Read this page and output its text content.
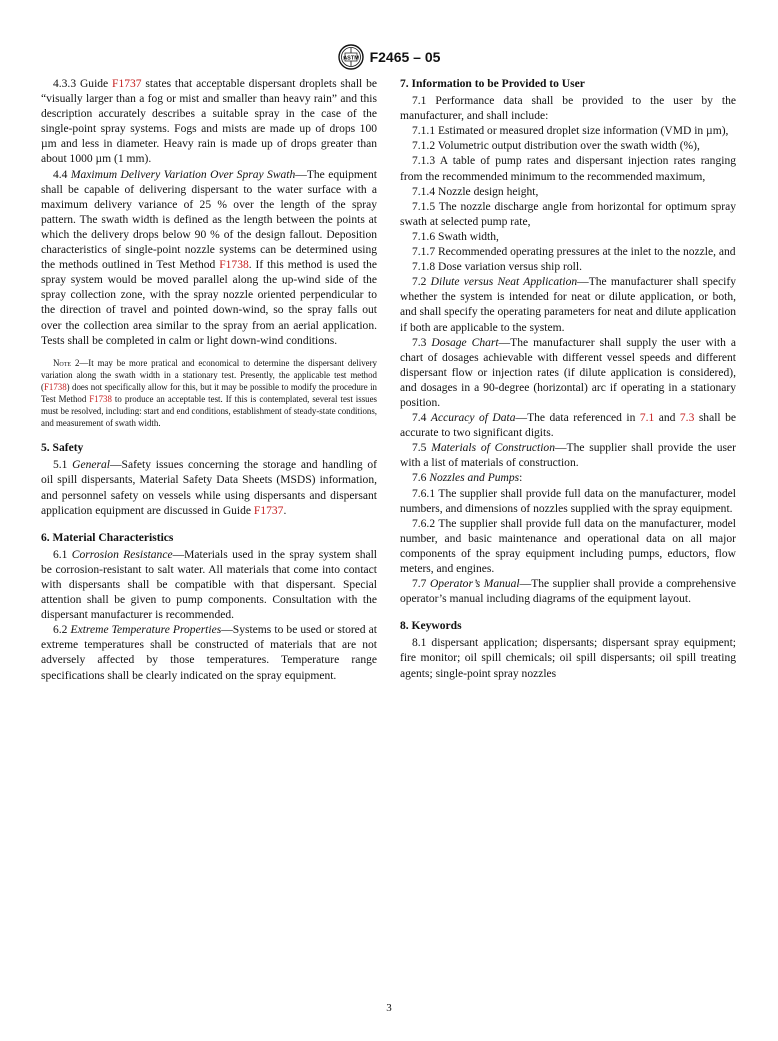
ASTM F2465 – 05

4.3.3 Guide F1737 states that acceptable dispersant droplets shall be “visually larger than a fog or mist and smaller than heavy rain” and this description accurately describes a suitable spray in the case of the single-point spray systems. Fogs and mists are made up of drops 100 µm and less in diameter. Heavy rain is made up of drops greater than about 1000 µm (1 mm).

4.4 Maximum Delivery Variation Over Spray Swath—The equipment shall be capable of delivering dispersant to the water surface with a maximum delivery variance of 25 % over the length of the spray pattern. The swath width is defined as the length between the points at which the delivery drops below 90 % of the design fallout. Deposition characteristics of single-point nozzle systems can be determined using the methods outlined in Test Method F1738. If this method is used the spray system would be moved parallel along the up-wind side of the spray collection zone, with the spray nozzle oriented perpendicular to the direction of travel and pointed down-wind, so the spray falls out over the collection area similar to the spray from an aerial application. Tests shall be completed in calm or light down-wind conditions.

Note 2—It may be more pratical and economical to determine the dispersant delivery variation along the swath width in a stationary test. Presently, the applicable test method (F1738) does not specifically allow for this, but it may be possible to modify the procedure in Test Method F1738 to produce an acceptable test. If this is contemplated, several test issues must be resolved, including: start and end conditions, establishment of steady-state conditions, and measurement of swath width.
5. Safety

5.1 General—Safety issues concerning the storage and handling of oil spill dispersants, Material Safety Data Sheets (MSDS) information, and personnel safety on vessels while using dispersants and dispersant application equipment are discussed in Guide F1737.

6. Material Characteristics

6.1 Corrosion Resistance—Materials used in the spray system shall be corrosion-resistant to salt water. All materials that come into contact with dispersants shall be compatible with that dispersant. Special attention shall be given to pump components. Consultation with the dispersant manufacturer is recommended.

6.2 Extreme Temperature Properties—Systems to be used or stored at extreme temperatures shall be constructed of materials that are not adversely affected by those temperatures. Temperature range specifications shall be clearly indicated on the spray equipment.

7. Information to be Provided to User

7.1 Performance data shall be provided to the user by the manufacturer, and shall include:

7.1.1 Estimated or measured droplet size information (VMD in µm),

7.1.2 Volumetric output distribution over the swath width (%),

7.1.3 A table of pump rates and dispersant injection rates ranging from the recommended minimum to the recommended maximum,

7.1.4 Nozzle design height,

7.1.5 The nozzle discharge angle from horizontal for optimum spray swath at selected pump rate,

7.1.6 Swath width,

7.1.7 Recommended operating pressures at the inlet to the nozzle, and

7.1.8 Dose variation versus ship roll.

7.2 Dilute versus Neat Application—The manufacturer shall specify whether the system is intended for neat or dilute application, or both, and shall specify the operating parameters for neat and dilute application if both are applicable to the system.

7.3 Dosage Chart—The manufacturer shall supply the user with a chart of dosages achievable with different vessel speeds and different dispersant flow or injection rates (if dilute application is considered), and dosages in a 90-degree (horizontal) arc if operating in a stationary position.

7.4 Accuracy of Data—The data referenced in 7.1 and 7.3 shall be accurate to two significant digits.

7.5 Materials of Construction—The supplier shall provide the user with a list of materials of construction.

7.6 Nozzles and Pumps:

7.6.1 The supplier shall provide full data on the manufacturer, model numbers, and dimensions of nozzles supplied with the spray equipment.

7.6.2 The supplier shall provide full data on the manufacturer, model number, and basic maintenance and operational data on all major components of the spray equipment including pumps, eductors, flow meters, and engines.

7.7 Operator’s Manual—The supplier shall provide a comprehensive operator’s manual including diagrams of the equipment layout.

8. Keywords

8.1 dispersant application; dispersants; dispersant spray equipment; fire monitor; oil spill chemicals; oil spill dispersants; oil spill treating agents; single-point spray nozzles

3
